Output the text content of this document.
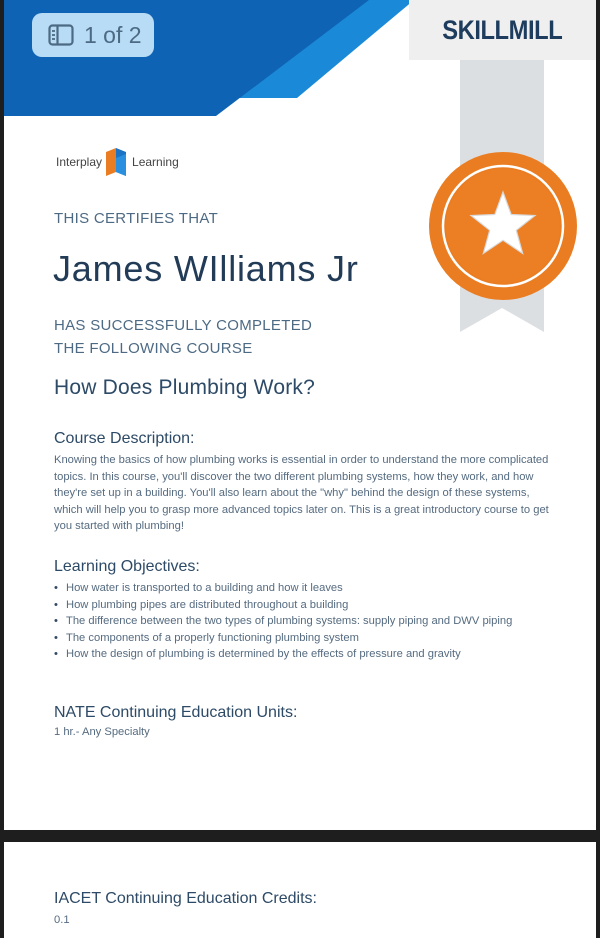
1 of 2	SKILLMILL
Interplay	Learning
THIS CERTIFIES THAT
James WIlliams Jr
HAS SUCCESSFULLY COMPLETED
THE FOLLOWING COURSE
How Does Plumbing Work?
Course Description:
Knowing the basics of how plumbing works is essential in order to understand the more complicated topics. In this course, you'll discover the two different plumbing systems, how they work, and how they're set up in a building. You'll also learn about the "why" behind the design of these systems, which will help you to grasp more advanced topics later on. This is a great introductory course to get you started with plumbing!
Learning Objectives:
• How water is transported to a building and how it leaves
• How plumbing pipes are distributed throughout a building
• The difference between the two types of plumbing systems: supply piping and DWV piping
• The components of a properly functioning plumbing system
• How the design of plumbing is determined by the effects of pressure and gravity
NATE Continuing Education Units:
1 hr.- Any Specialty
IACET Continuing Education Credits:
0.1
